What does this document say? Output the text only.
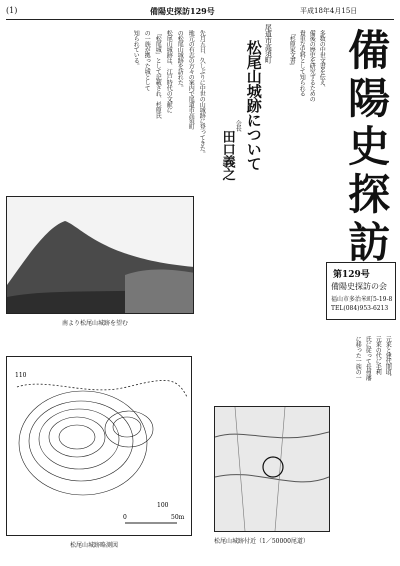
(1)	備陽史探訪129号	平成18年4月15日
備陽史探訪
第129号
備陽史探訪の会
福山市多治米町5-19-8
TEL(084)953-6213
尾道市高須町
松尾山城跡について
会長
田口義之
多数の中世文書を伝え、
備後の歴史を研究するための
貴重な史料として知られる
「杉原家文書」
先月五日、久しぶりに中世の山城跡に登ってきた。
地元の有志の方々の案内で尾道市高須町
の松尾山城跡を訪れた。
松尾山城跡は、江戸時代の文献に
「松尾城」として記載され、杉原氏
の一族が拠った城として
知られている。
南より松尾山城跡を望む
元来と建代期頃、
元来の代に毛利
氏に従って長州藩
に移った一族の一
110
100
0	50m
松尾山城跡略測図
松尾山城跡付近（1／50000尾道）
